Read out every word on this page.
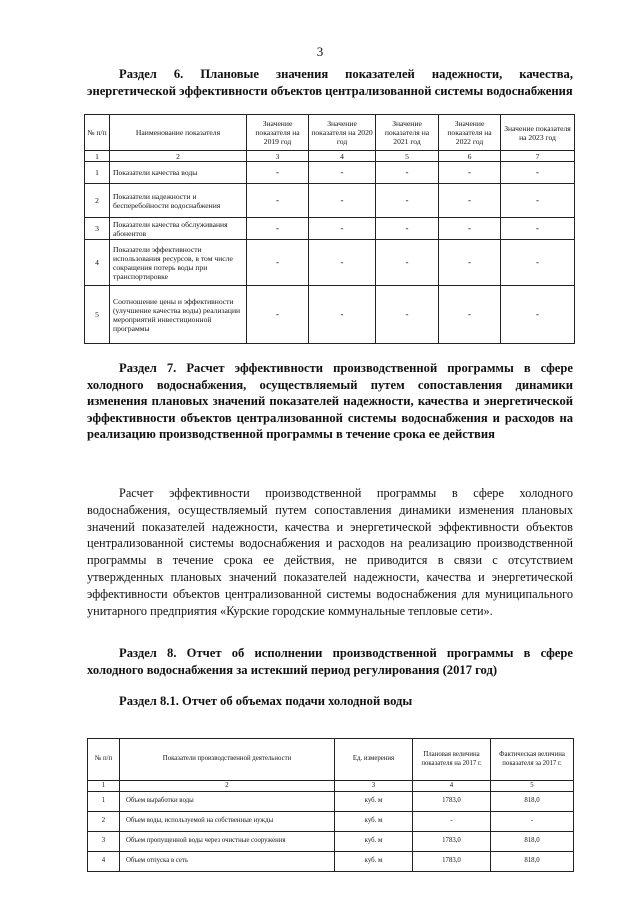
3
Раздел 6. Плановые значения показателей надежности, качества, энергетической эффективности объектов централизованной системы водоснабжения
№ п/п	Наименование показателя	Значение показателя на 2019 год	Значение показателя на 2020 год	Значение показателя на 2021 год	Значение показателя на 2022 год	Значение показателя на 2023 год
1	2	3	4	5	6	7
1	Показатели качества воды	-	-	-	-	-
2	Показатели надежности и бесперебойности водоснабжения	-	-	-	-	-
3	Показатели качества обслуживания абонентов	-	-	-	-	-
4	Показатели эффективности использования ресурсов, в том числе сокращения потерь воды при транспортировке	-	-	-	-	-
5	Соотношение цены и эффективности (улучшение качества воды) реализации мероприятий инвестиционной программы	-	-	-	-	-
Раздел 7. Расчет эффективности производственной программы в сфере холодного водоснабжения, осуществляемый путем сопоставления динамики изменения плановых значений показателей надежности, качества и энергетической эффективности объектов централизованной системы водоснабжения и расходов на реализацию производственной программы в течение срока ее действия
Расчет эффективности производственной программы в сфере холодного водоснабжения, осуществляемый путем сопоставления динамики изменения плановых значений показателей надежности, качества и энергетической эффективности объектов централизованной системы водоснабжения и расходов на реализацию производственной программы в течение срока ее действия, не приводится в связи с отсутствием утвержденных плановых значений показателей надежности, качества и энергетической эффективности объектов централизованной системы водоснабжения для муниципального унитарного предприятия «Курские городские коммунальные тепловые сети».
Раздел 8. Отчет об исполнении производственной программы в сфере холодного водоснабжения за истекший период регулирования (2017 год)
Раздел 8.1. Отчет об объемах подачи холодной воды
№ п/п	Показатели производственной деятельности	Ед. измерения	Плановая величина показателя на 2017 г.	Фактическая величина показателя за 2017 г.
1	2	3	4	5
1	Объем выработки воды	куб. м	1783,0	818,0
2	Объем воды, используемой на собственные нужды	куб. м	-	-
3	Объем пропущенной воды через очистные сооружения	куб. м	1783,0	818,0
4	Объем отпуска в сеть	куб. м	1783,0	818,0
